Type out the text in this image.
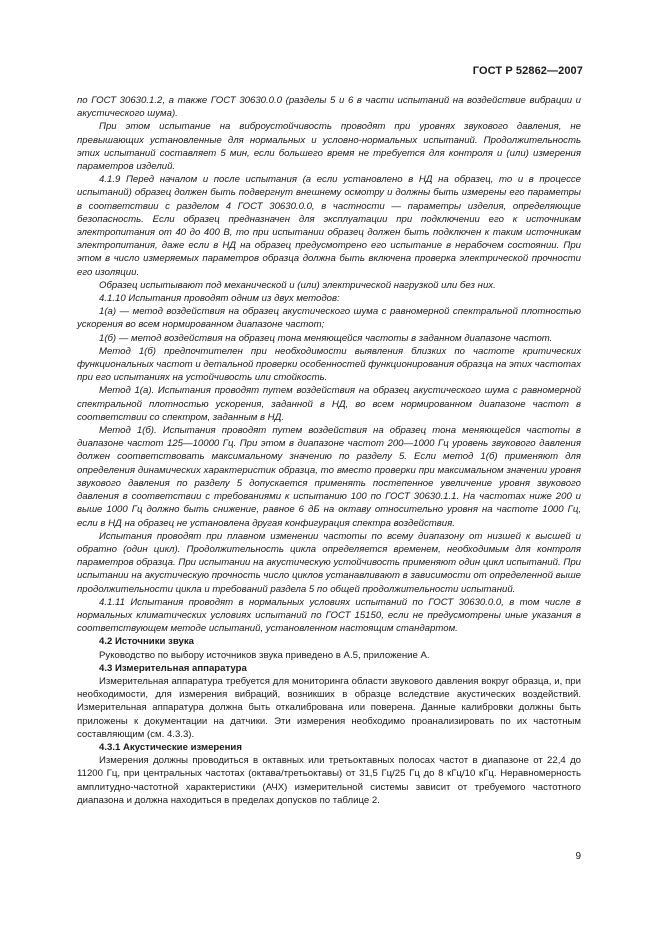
ГОСТ Р 52862—2007

по ГОСТ 30630.1.2, а также ГОСТ 30630.0.0 (разделы 5 и 6 в части испытаний на воздействие вибрации и акустического шума).

При этом испытание на виброустойчивость проводят при уровнях звукового давления, не превышающих установленные для нормальных и условно-нормальных испытаний. Продолжительность этих испытаний составляет 5 мин, если большего время не требуется для контроля и (или) измерения параметров изделий.

4.1.9 Перед началом и после испытания (а если установлено в НД на образец, то и в процессе испытаний) образец должен быть подвергнут внешнему осмотру и должны быть измерены его параметры в соответствии с разделом 4 ГОСТ 30630.0.0, в частности — параметры изделия, определяющие безопасность. Если образец предназначен для эксплуатации при подключении его к источникам электропитания от 40 до 400 В, то при испытании образец должен быть подключен к таким источникам электропитания, даже если в НД на образец предусмотрено его испытание в нерабочем состоянии. При этом в число измеряемых параметров образца должна быть включена проверка электрической прочности его изоляции.

Образец испытывают под механической и (или) электрической нагрузкой или без них.

4.1.10 Испытания проводят одним из двух методов:

1(а) — метод воздействия на образец акустического шума с равномерной спектральной плотностью ускорения во всем нормированном диапазоне частот;

1(б) — метод воздействия на образец тона меняющейся частоты в заданном диапазоне частот.

Метод 1(б) предпочтителен при необходимости выявления близких по частоте критических функциональных частот и детальной проверки особенностей функционирования образца на этих частотах при его испытаниях на устойчивость или стойкость.

Метод 1(а). Испытания проводят путем воздействия на образец акустического шума с равномерной спектральной плотностью ускорения, заданной в НД, во всем нормированном диапазоне частот в соответствии со спектром, заданным в НД.

Метод 1(б). Испытания проводят путем воздействия на образец тона меняющейся частоты в диапазоне частот 125—10000 Гц. При этом в диапазоне частот 200—1000 Гц уровень звукового давления должен соответствовать максимальному значению по разделу 5. Если метод 1(б) применяют для определения динамических характеристик образца, то вместо проверки при максимальном значении уровня звукового давления по разделу 5 допускается применять постепенное увеличение уровня звукового давления в соответствии с требованиями к испытанию 100 по ГОСТ 30630.1.1. На частотах ниже 200 и выше 1000 Гц должно быть снижение, равное 6 дБ на октаву относительно уровня на частоте 1000 Гц, если в НД на образец не установлена другая конфигурация спектра воздействия.

Испытания проводят при плавном изменении частоты по всему диапазону от низшей к высшей и обратно (один цикл). Продолжительность цикла определяется временем, необходимым для контроля параметров образца. При испытании на акустическую устойчивость применяют один цикл испытаний. При испытании на акустическую прочность число циклов устанавливают в зависимости от определенной выше продолжительности цикла и требований раздела 5 по общей продолжительности испытаний.

4.1.11 Испытания проводят в нормальных условиях испытаний по ГОСТ 30630.0.0, в том числе в нормальных климатических условиях испытаний по ГОСТ 15150, если не предусмотрены иные указания в соответствующем методе испытаний, установленном настоящим стандартом.

4.2 Источники звука

Руководство по выбору источников звука приведено в А.5, приложение А.

4.3 Измерительная аппаратура

Измерительная аппаратура требуется для мониторинга области звукового давления вокруг образца, и, при необходимости, для измерения вибраций, возникших в образце вследствие акустических воздействий. Измерительная аппаратура должна быть откалиброванa или поверена. Данные калибровки должны быть приложены к документации на датчики. Эти измерения необходимо проанализировать по их частотным составляющим (см. 4.3.3).

4.3.1 Акустические измерения

Измерения должны проводиться в октавных или третьоктавных полосах частот в диапазоне от 22,4 до 11200 Гц, при центральных частотах (октава/третьоктавы) от 31,5 Гц/25 Гц до 8 кГц/10 кГц. Неравномерность амплитудно-частотной характеристики (АЧХ) измерительной системы зависит от требуемого частотного диапазона и должна находиться в пределах допусков по таблице 2.

9
